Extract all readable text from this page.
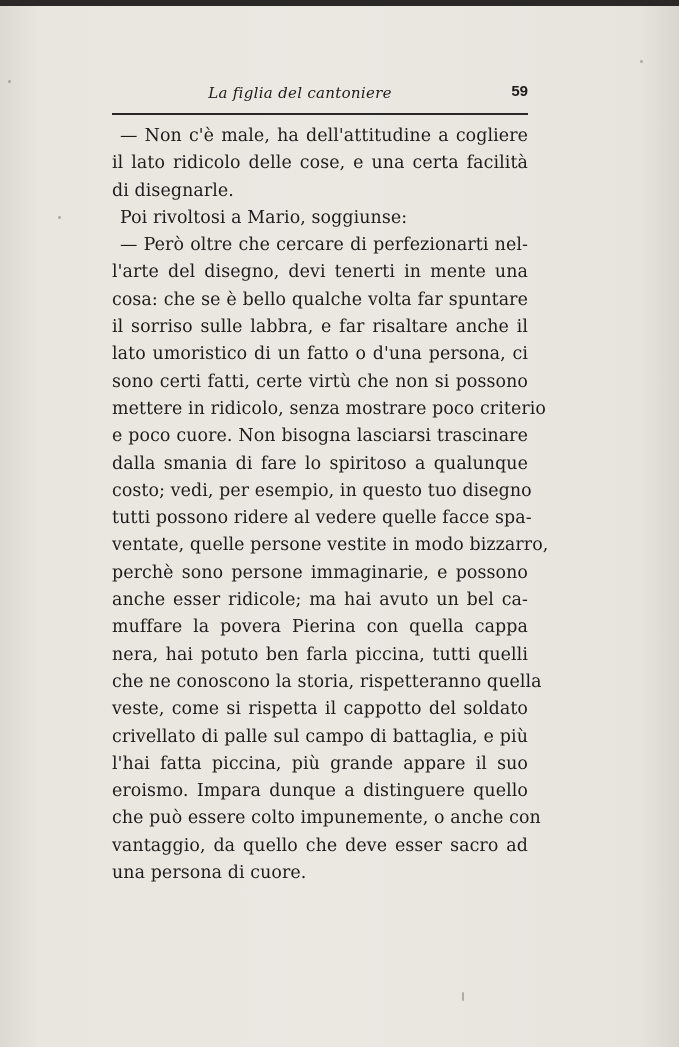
La figlia del cantoniere	59
— Non c'è male, ha dell'attitudine a cogliere
il lato ridicolo delle cose, e una certa facilità
di disegnarle.
Poi rivoltosi a Mario, soggiunse:
— Però oltre che cercare di perfezionarti nel-
l'arte del disegno, devi tenerti in mente una
cosa: che se è bello qualche volta far spuntare
il sorriso sulle labbra, e far risaltare anche il
lato umoristico di un fatto o d'una persona, ci
sono certi fatti, certe virtù che non si possono
mettere in ridicolo, senza mostrare poco criterio
e poco cuore. Non bisogna lasciarsi trascinare
dalla smania di fare lo spiritoso a qualunque
costo; vedi, per esempio, in questo tuo disegno
tutti possono ridere al vedere quelle facce spa-
ventate, quelle persone vestite in modo bizzarro,
perchè sono persone immaginarie, e possono
anche esser ridicole; ma hai avuto un bel ca-
muffare la povera Pierina con quella cappa
nera, hai potuto ben farla piccina, tutti quelli
che ne conoscono la storia, rispetteranno quella
veste, come si rispetta il cappotto del soldato
crivellato di palle sul campo di battaglia, e più
l'hai fatta piccina, più grande appare il suo
eroismo. Impara dunque a distinguere quello
che può essere colto impunemente, o anche con
vantaggio, da quello che deve esser sacro ad
una persona di cuore.
